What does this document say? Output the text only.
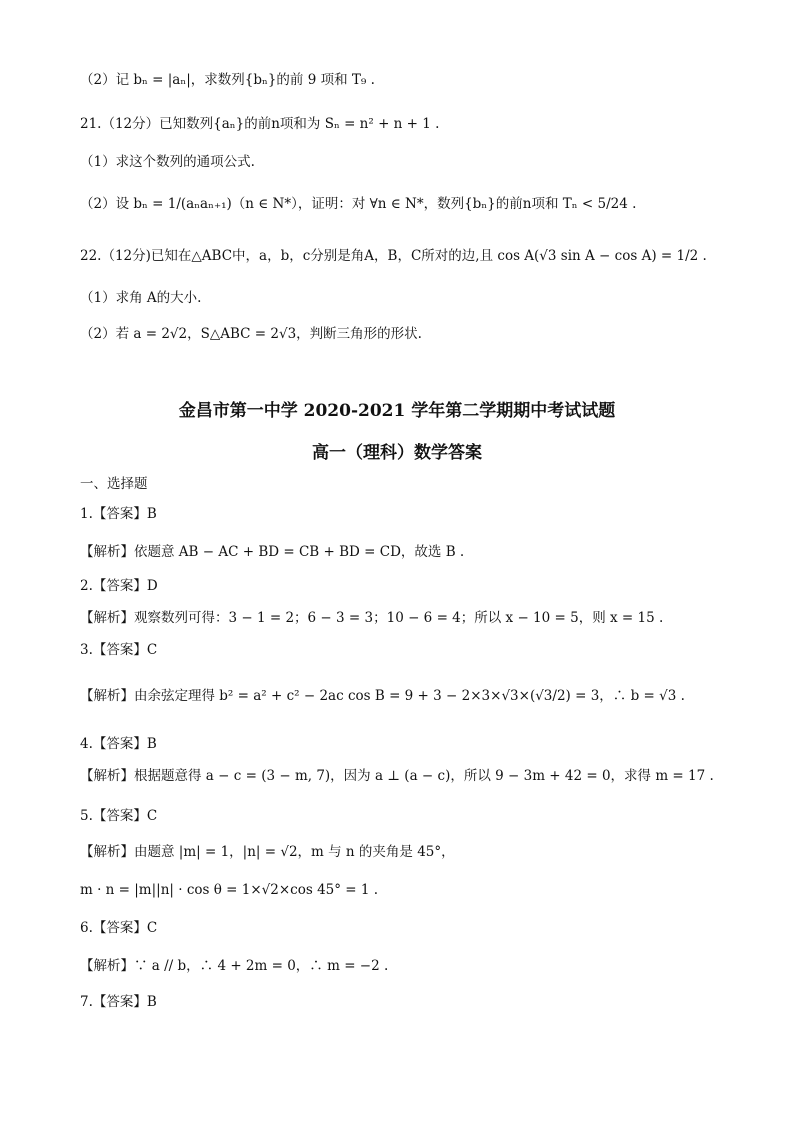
（2）记 bₙ = |aₙ|，求数列{bₙ}的前 9 项和 T₉ .
21.（12分）已知数列{aₙ}的前n项和为 Sₙ = n² + n + 1 .
（1）求这个数列的通项公式.
（2）设 bₙ = 1/(aₙaₙ₊₁)（n ∈ N*），证明：对 ∀n ∈ N*，数列{bₙ}的前n项和 Tₙ < 5/24 .
22.（12分)已知在△ABC中，a，b，c分别是角A，B，C所对的边,且 cos A(√3 sin A − cos A) = 1/2 .
（1）求角 A的大小.
（2）若 a = 2√2，S△ABC = 2√3，判断三角形的形状.
金昌市第一中学 2020-2021 学年第二学期期中考试试题
高一（理科）数学答案
一、选择题
1.【答案】B
【解析】依题意 AB − AC + BD = CB + BD = CD，故选 B .
2.【答案】D
【解析】观察数列可得：3 − 1 = 2；6 − 3 = 3；10 − 6 = 4；所以 x − 10 = 5，则 x = 15 .
3.【答案】C
【解析】由余弦定理得 b² = a² + c² − 2ac cos B = 9 + 3 − 2×3×√3×(√3/2) = 3，∴ b = √3 .
4.【答案】B
【解析】根据题意得 a − c = (3 − m, 7)，因为 a ⊥ (a − c)，所以 9 − 3m + 42 = 0，求得 m = 17 .
5.【答案】C
【解析】由题意 |m| = 1，|n| = √2，m 与 n 的夹角是 45°，
m · n = |m||n| · cos θ = 1×√2×cos 45° = 1 .
6.【答案】C
【解析】∵ a // b，∴ 4 + 2m = 0，∴ m = −2 .
7.【答案】B
